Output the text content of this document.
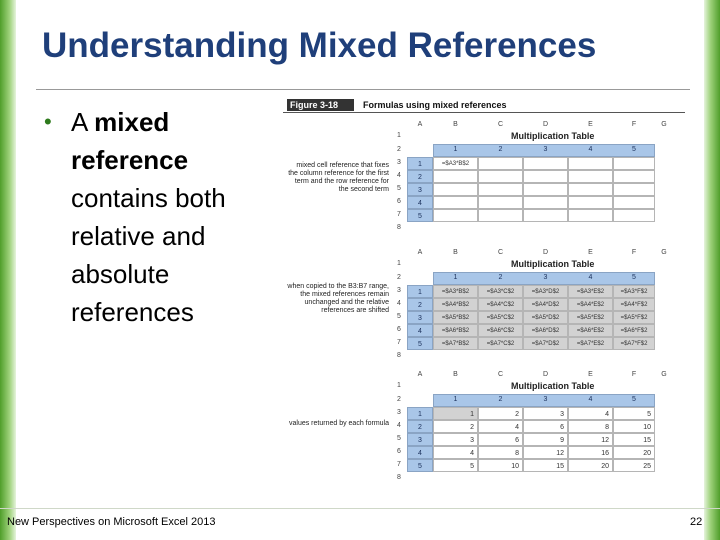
Understanding Mixed References
• A mixed reference contains both relative and absolute references
Figure 3-18	Formulas using mixed references
mixed cell reference that fixes the column reference for the first term and the row reference for the second term
when copied to the B3:B7 range, the mixed references remain unchanged and the relative references are shifted
values returned by each formula
A	B	C	D	E	F	G
1	Multiplication Table
2	1	2	3	4	5
3	1	=$A3*B$2
4	2
5	3
6	4
7	5
8
A	B	C	D	E	F	G
1	Multiplication Table
2	1	2	3	4	5
3	1	=$A3*B$2	=$A3*C$2	=$A3*D$2	=$A3*E$2	=$A3*F$2
4	2	=$A4*B$2	=$A4*C$2	=$A4*D$2	=$A4*E$2	=$A4*F$2
5	3	=$A5*B$2	=$A5*C$2	=$A5*D$2	=$A5*E$2	=$A5*F$2
6	4	=$A6*B$2	=$A6*C$2	=$A6*D$2	=$A6*E$2	=$A6*F$2
7	5	=$A7*B$2	=$A7*C$2	=$A7*D$2	=$A7*E$2	=$A7*F$2
8
A	B	C	D	E	F	G
1	Multiplication Table
2	1	2	3	4	5
3	1	1	2	3	4	5
4	2	2	4	6	8	10
5	3	3	6	9	12	15
6	4	4	8	12	16	20
7	5	5	10	15	20	25
8
New Perspectives on Microsoft Excel 2013	22
